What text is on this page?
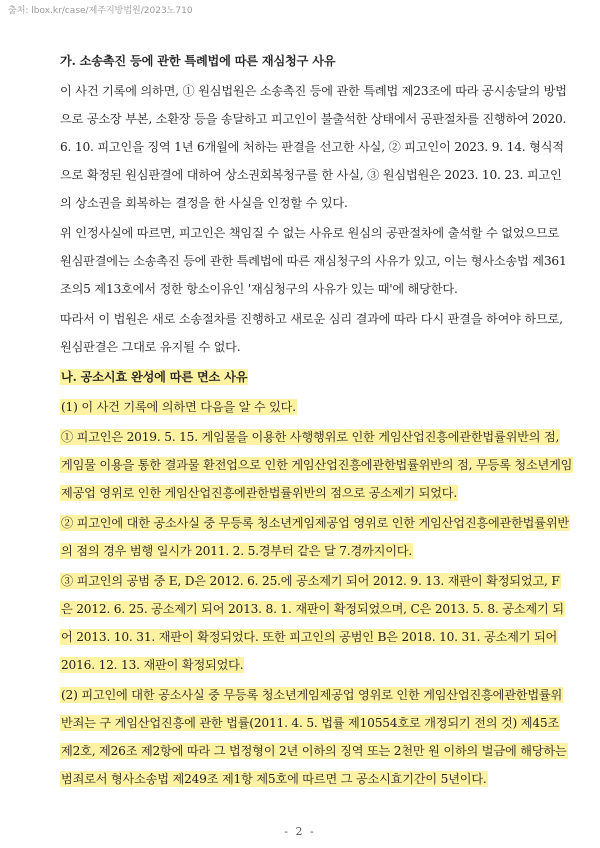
출처: lbox.kr/case/제주지방법원/2023노710
가. 소송촉진 등에 관한 특례법에 따른 재심청구 사유
이 사건 기록에 의하면, ① 원심법원은 소송촉진 등에 관한 특례법 제23조에 따라 공시송달의 방법
으로 공소장 부본, 소환장 등을 송달하고 피고인이 불출석한 상태에서 공판절차를 진행하여 2020.
6. 10. 피고인을 징역 1년 6개월에 처하는 판결을 선고한 사실, ② 피고인이 2023. 9. 14. 형식적
으로 확정된 원심판결에 대하여 상소권회복청구를 한 사실, ③ 원심법원은 2023. 10. 23. 피고인
의 상소권을 회복하는 결정을 한 사실을 인정할 수 있다.
위 인정사실에 따르면, 피고인은 책임질 수 없는 사유로 원심의 공판절차에 출석할 수 없었으므로
원심판결에는 소송촉진 등에 관한 특례법에 따른 재심청구의 사유가 있고, 이는 형사소송법 제361
조의5 제13호에서 정한 항소이유인 '재심청구의 사유가 있는 때'에 해당한다.
따라서 이 법원은 새로 소송절차를 진행하고 새로운 심리 결과에 따라 다시 판결을 하여야 하므로,
원심판결은 그대로 유지될 수 없다.
나. 공소시효 완성에 따른 면소 사유
(1) 이 사건 기록에 의하면 다음을 알 수 있다.
① 피고인은 2019. 5. 15. 게임물을 이용한 사행행위로 인한 게임산업진흥에관한법률위반의 점,
게임물 이용을 통한 결과물 환전업으로 인한 게임산업진흥에관한법률위반의 점, 무등록 청소년게임
제공업 영위로 인한 게임산업진흥에관한법률위반의 점으로 공소제기 되었다.
② 피고인에 대한 공소사실 중 무등록 청소년게임제공업 영위로 인한 게임산업진흥에관한법률위반
의 점의 경우 범행 일시가 2011. 2. 5.경부터 같은 달 7.경까지이다.
③ 피고인의 공범 중 E, D은 2012. 6. 25.에 공소제기 되어 2012. 9. 13. 재판이 확정되었고, F
은 2012. 6. 25. 공소제기 되어 2013. 8. 1. 재판이 확정되었으며, C은 2013. 5. 8. 공소제기 되
어 2013. 10. 31. 재판이 확정되었다. 또한 피고인의 공범인 B은 2018. 10. 31. 공소제기 되어
2016. 12. 13. 재판이 확정되었다.
(2) 피고인에 대한 공소사실 중 무등록 청소년게임제공업 영위로 인한 게임산업진흥에관한법률위
반죄는 구 게임산업진흥에 관한 법률(2011. 4. 5. 법률 제10554호로 개정되기 전의 것) 제45조
제2호, 제26조 제2항에 따라 그 법정형이 2년 이하의 징역 또는 2천만 원 이하의 벌금에 해당하는
범죄로서 형사소송법 제249조 제1항 제5호에 따르면 그 공소시효기간이 5년이다.
- 2 -
